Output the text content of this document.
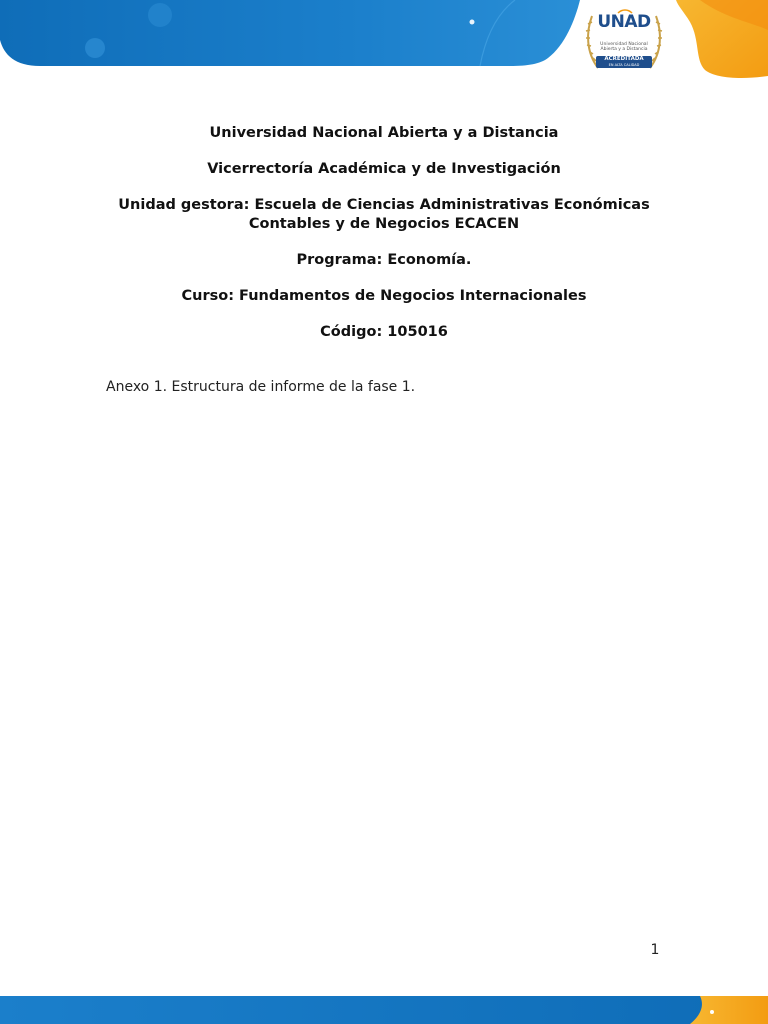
UNAD
Universidad Nacional
Abierta y a Distancia
ACREDITADA
EN ALTA CALIDAD

Universidad Nacional Abierta y a Distancia

Vicerrectoría Académica y de Investigación

Unidad gestora: Escuela de Ciencias Administrativas Económicas
Contables y de Negocios ECACEN

Programa: Economía.

Curso: Fundamentos de Negocios Internacionales

Código: 105016

Anexo 1. Estructura de informe de la fase 1.
1
